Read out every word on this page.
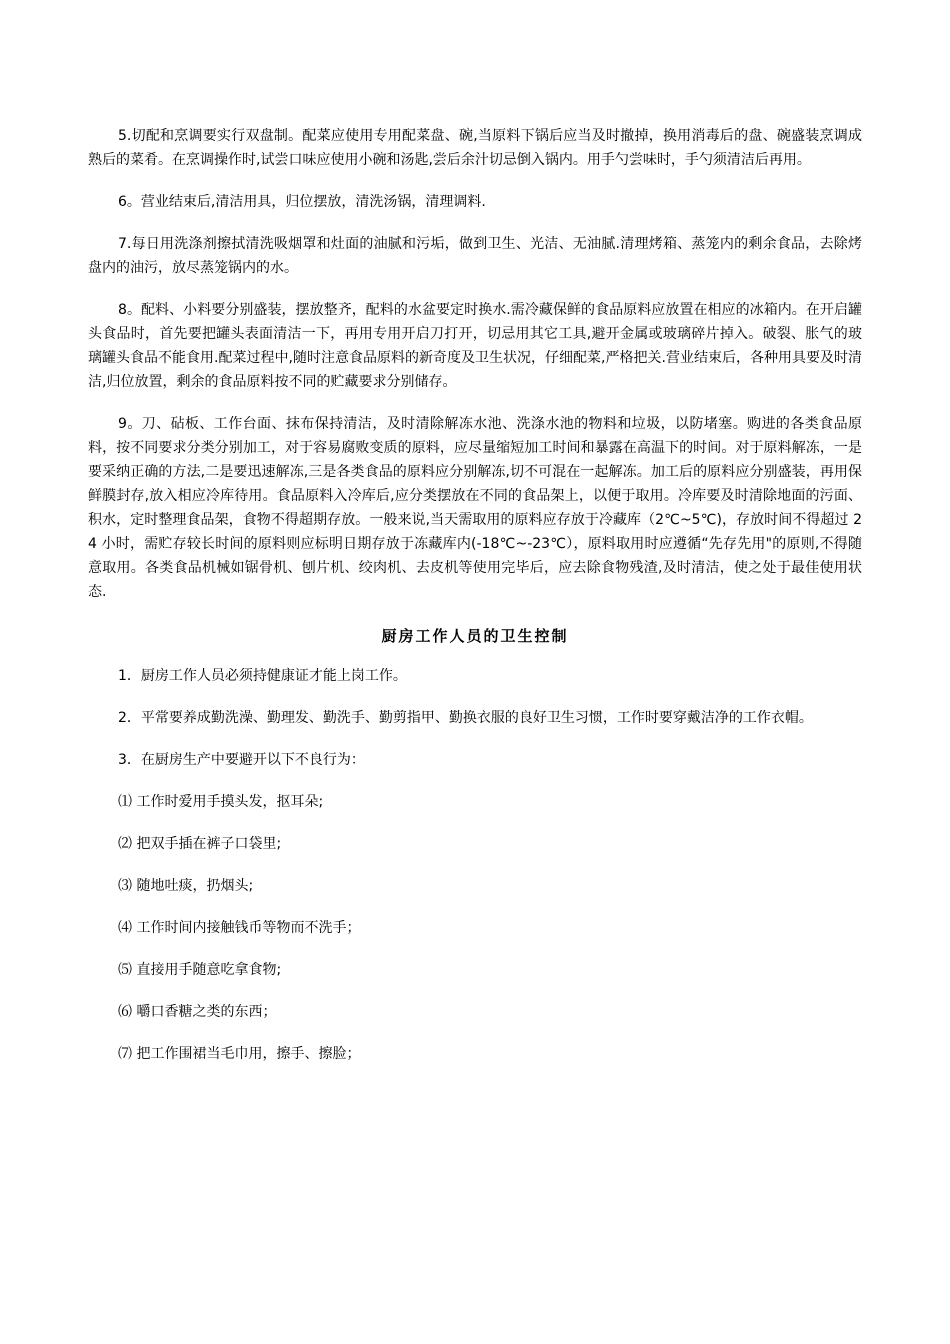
5.切配和烹调要实行双盘制。配菜应使用专用配菜盘、碗,当原料下锅后应当及时撤掉，换用消毒后的盘、碗盛装烹调成熟后的菜肴。在烹调操作时,试尝口味应使用小碗和汤匙,尝后余汁切忌倒入锅内。用手勺尝味时，手勺须清洁后再用。

6。营业结束后,清洁用具，归位摆放，清洗汤锅，清理调料.

7.每日用洗涤剂擦拭清洗吸烟罩和灶面的油腻和污垢，做到卫生、光洁、无油腻.清理烤箱、蒸笼内的剩余食品，去除烤盘内的油污，放尽蒸笼锅内的水。

8。配料、小料要分别盛装，摆放整齐，配料的水盆要定时换水.需冷藏保鲜的食品原料应放置在相应的冰箱内。在开启罐头食品时，首先要把罐头表面清洁一下，再用专用开启刀打开，切忌用其它工具,避开金属或玻璃碎片掉入。破裂、胀气的玻璃罐头食品不能食用.配菜过程中,随时注意食品原料的新奇度及卫生状况，仔细配菜,严格把关.营业结束后，各种用具要及时清洁,归位放置，剩余的食品原料按不同的贮藏要求分别储存。

9。刀、砧板、工作台面、抹布保持清洁，及时清除解冻水池、洗涤水池的物料和垃圾，以防堵塞。购进的各类食品原料，按不同要求分类分别加工，对于容易腐败变质的原料，应尽量缩短加工时间和暴露在高温下的时间。对于原料解冻，一是要采纳正确的方法,二是要迅速解冻,三是各类食品的原料应分别解冻,切不可混在一起解冻。加工后的原料应分别盛装，再用保鲜膜封存,放入相应冷库待用。食品原料入冷库后,应分类摆放在不同的食品架上，以便于取用。冷库要及时清除地面的污面、积水，定时整理食品架，食物不得超期存放。一般来说,当天需取用的原料应存放于冷藏库（2℃~5℃)，存放时间不得超过 24 小时，需贮存较长时间的原料则应标明日期存放于冻藏库内(-18℃~-23℃），原料取用时应遵循“先存先用"的原则,不得随意取用。各类食品机械如锯骨机、刨片机、绞肉机、去皮机等使用完毕后，应去除食物残渣,及时清洁，使之处于最佳使用状态.

厨房工作人员的卫生控制

1．厨房工作人员必须持健康证才能上岗工作。

2．平常要养成勤洗澡、勤理发、勤洗手、勤剪指甲、勤换衣服的良好卫生习惯，工作时要穿戴洁净的工作衣帽。

3．在厨房生产中要避开以下不良行为：

⑴ 工作时爱用手摸头发，抠耳朵;

⑵ 把双手插在裤子口袋里;

⑶ 随地吐痰，扔烟头;

⑷ 工作时间内接触钱币等物而不洗手；

⑸ 直接用手随意吃拿食物;

⑹ 嚼口香糖之类的东西；

⑺ 把工作围裙当毛巾用，擦手、擦脸；
